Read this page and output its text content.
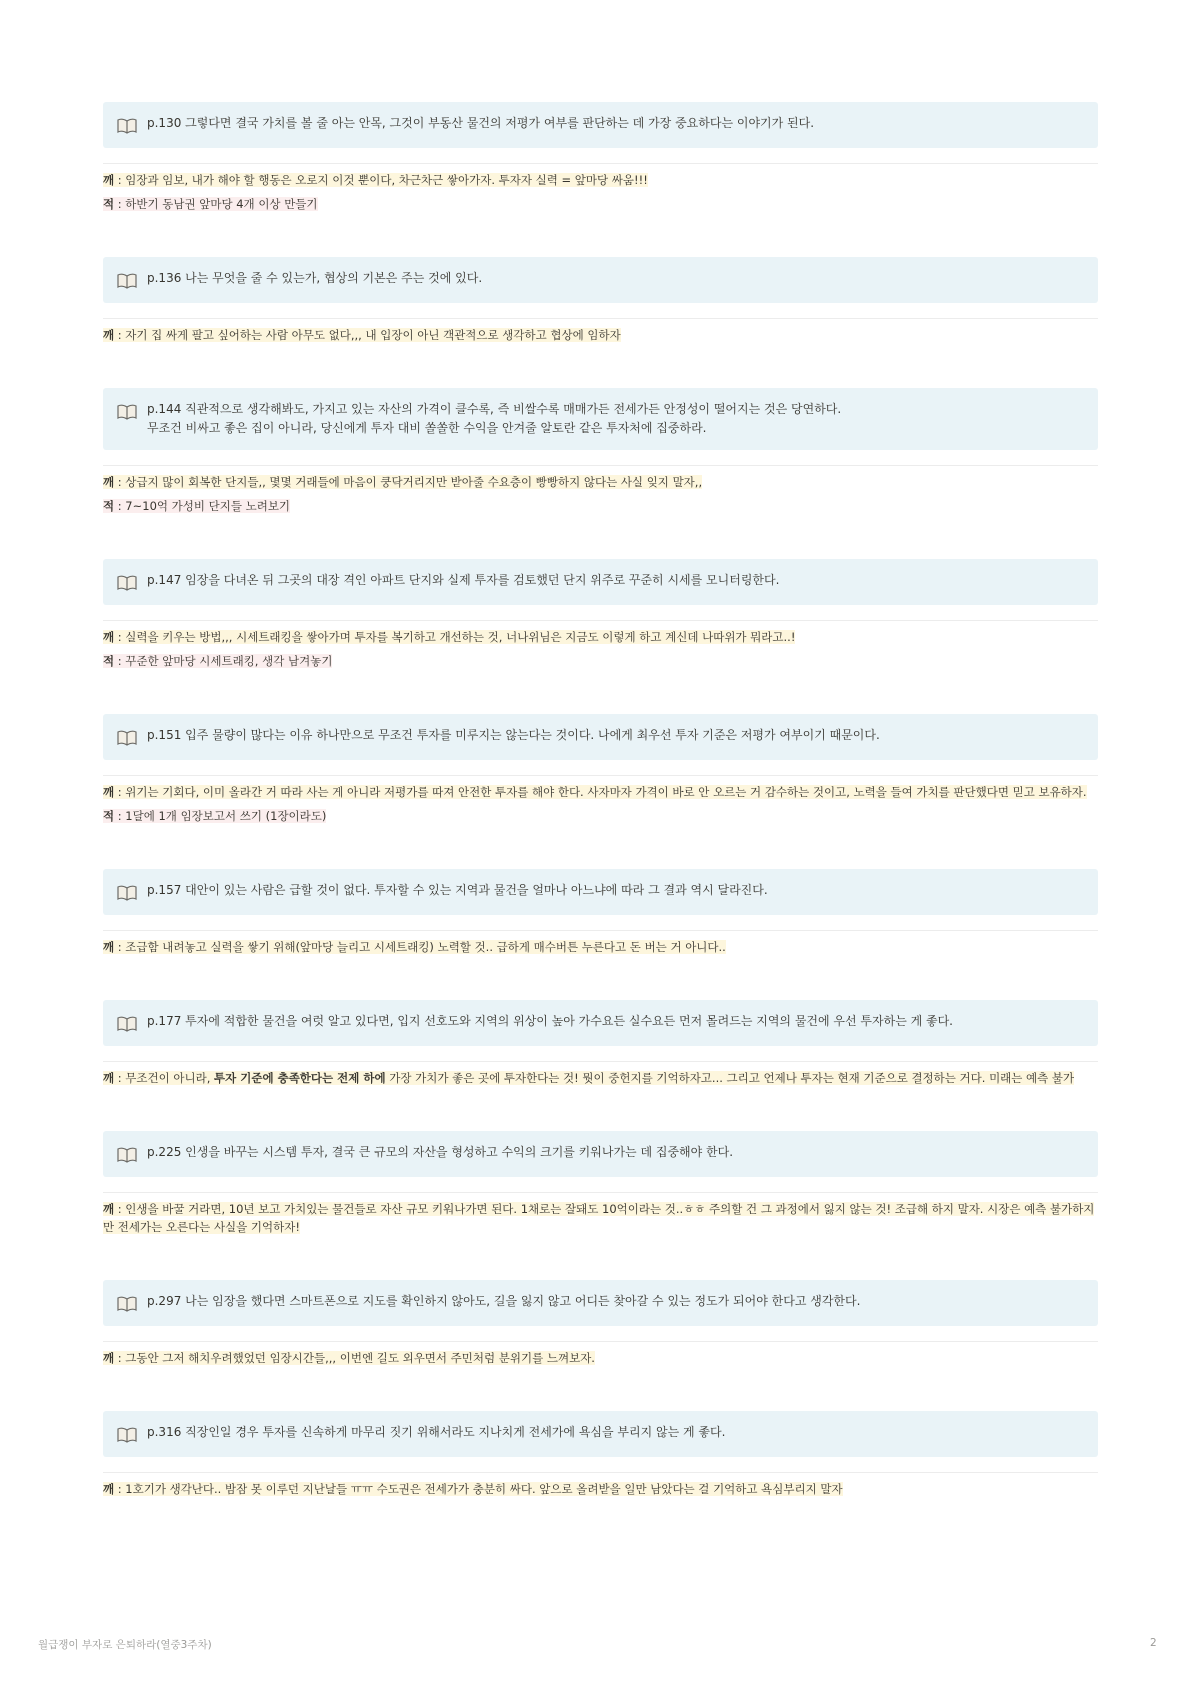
p.130 그렇다면 결국 가치를 볼 줄 아는 안목, 그것이 부동산 물건의 저평가 여부를 판단하는 데 가장 중요하다는 이야기가 된다.
깨 : 임장과 임보, 내가 해야 할 행동은 오로지 이것 뿐이다, 차근차근 쌓아가자. 투자자 실력 = 앞마당 싸움!!!
적 : 하반기 동남권 앞마당 4개 이상 만들기
p.136 나는 무엇을 줄 수 있는가, 협상의 기본은 주는 것에 있다.
깨 : 자기 집 싸게 팔고 싶어하는 사람 아무도 없다,,, 내 입장이 아닌 객관적으로 생각하고 협상에 임하자
p.144 직관적으로 생각해봐도, 가지고 있는 자산의 가격이 클수록, 즉 비쌀수록 매매가든 전세가든 안정성이 떨어지는 것은 당연하다.
무조건 비싸고 좋은 집이 아니라, 당신에게 투자 대비 쏠쏠한 수익을 안겨줄 알토란 같은 투자처에 집중하라.
깨 : 상급지 많이 회복한 단지들,, 몇몇 거래들에 마음이 쿵닥거리지만 받아줄 수요층이 빵빵하지 않다는 사실 잊지 말자,,
적 : 7~10억 가성비 단지들 노려보기
p.147 임장을 다녀온 뒤 그곳의 대장 격인 아파트 단지와 실제 투자를 검토했던 단지 위주로 꾸준히 시세를 모니터링한다.
깨 : 실력을 키우는 방법,,, 시세트래킹을 쌓아가며 투자를 복기하고 개선하는 것, 너나위님은 지금도 이렇게 하고 계신데 나따위가 뭐라고..!
적 : 꾸준한 앞마당 시세트래킹, 생각 남겨놓기
p.151 입주 물량이 많다는 이유 하나만으로 무조건 투자를 미루지는 않는다는 것이다. 나에게 최우선 투자 기준은 저평가 여부이기 때문이다.
깨 : 위기는 기회다, 이미 올라간 거 따라 사는 게 아니라 저평가를 따져 안전한 투자를 해야 한다. 사자마자 가격이 바로 안 오르는 거 감수하는 것이고, 노력을 들여 가치를 판단했다면 믿고 보유하자.
적 : 1달에 1개 임장보고서 쓰기 (1장이라도)
p.157 대안이 있는 사람은 급할 것이 없다. 투자할 수 있는 지역과 물건을 얼마나 아느냐에 따라 그 결과 역시 달라진다.
깨 : 조급함 내려놓고 실력을 쌓기 위해(앞마당 늘리고 시세트래킹) 노력할 것.. 급하게 매수버튼 누른다고 돈 버는 거 아니다..
p.177 투자에 적합한 물건을 여럿 알고 있다면, 입지 선호도와 지역의 위상이 높아 가수요든 실수요든 먼저 몰려드는 지역의 물건에 우선 투자하는 게 좋다.
깨 : 무조건이 아니라, 투자 기준에 충족한다는 전제 하에 가장 가치가 좋은 곳에 투자한다는 것! 뭣이 중헌지를 기억하자고... 그리고 언제나 투자는 현재 기준으로 결정하는 거다. 미래는 예측 불가
p.225 인생을 바꾸는 시스템 투자, 결국 큰 규모의 자산을 형성하고 수익의 크기를 키워나가는 데 집중해야 한다.
깨 : 인생을 바꿀 거라면, 10년 보고 가치있는 물건들로 자산 규모 키워나가면 된다. 1채로는 잘돼도 10억이라는 것..ㅎㅎ 주의할 건 그 과정에서 잃지 않는 것! 조급해 하지 말자. 시장은 예측 불가하지만 전세가는 오른다는 사실을 기억하자!
p.297 나는 임장을 했다면 스마트폰으로 지도를 확인하지 않아도, 길을 잃지 않고 어디든 찾아갈 수 있는 정도가 되어야 한다고 생각한다.
깨 : 그동안 그저 해치우려했었던 임장시간들,,, 이번엔 길도 외우면서 주민처럼 분위기를 느껴보자.
p.316 직장인일 경우 투자를 신속하게 마무리 짓기 위해서라도 지나치게 전세가에 욕심을 부리지 않는 게 좋다.
깨 : 1호기가 생각난다.. 밤잠 못 이루던 지난날들 ㅠㅠ 수도권은 전세가가 충분히 싸다. 앞으로 올려받을 일만 남았다는 걸 기억하고 욕심부리지 말자
월급쟁이 부자로 은퇴하라(열중3주차)	2
